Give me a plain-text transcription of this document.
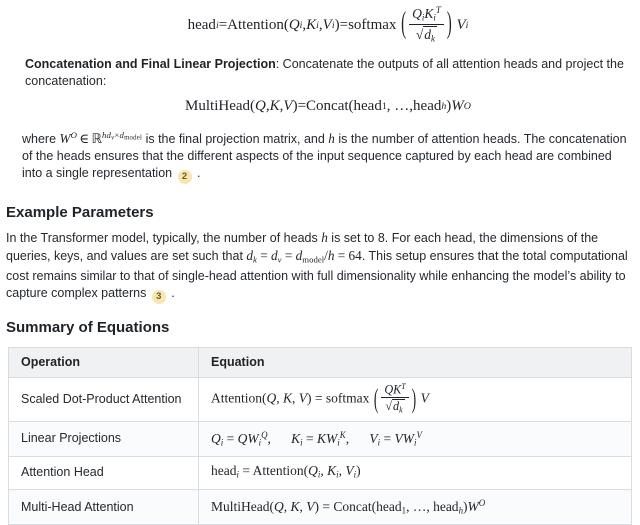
head i = Attention( Q i , K i , V i ) = softmax ( $\frac{QiKi^T}{√dk}$ ) V i

Concatenation and Final Linear Projection: Concatenate the outputs of all attention heads and project the concatenation:

MultiHead( Q , K , V ) = Concat( head 1 , …, head h ) W O

where $W^O$ ∈ ℝ$^{hdv\times dmodel}$ is the final projection matrix, and h is the number of attention heads. The concatenation of the heads ensures that the different aspects of the input sequence captured by each head are combined into a single representation 2 .

Example Parameters

In the Transformer model, typically, the number of heads h is set to 8. For each head, the dimensions of the queries, keys, and values are set such that dk = dv = dmodel/h = 64. This setup ensures that the total computational cost remains similar to that of single-head attention with full dimensionality while enhancing the model’s ability to capture complex patterns 3 .

Summary of Equations
Operation	Equation
Scaled Dot-Product Attention	Attention(Q, K, V) = softmax ( $\frac{QK^T}{√dk}$ ) V
Linear Projections	Qi = QWi$^Q$, Ki = KWi$^K$, Vi = VWi$^V$
Attention Head	headi = Attention(Qi, Ki, Vi)
Multi-Head Attention	MultiHead(Q, K, V) = Concat(head1, …, $headh)W^O$
